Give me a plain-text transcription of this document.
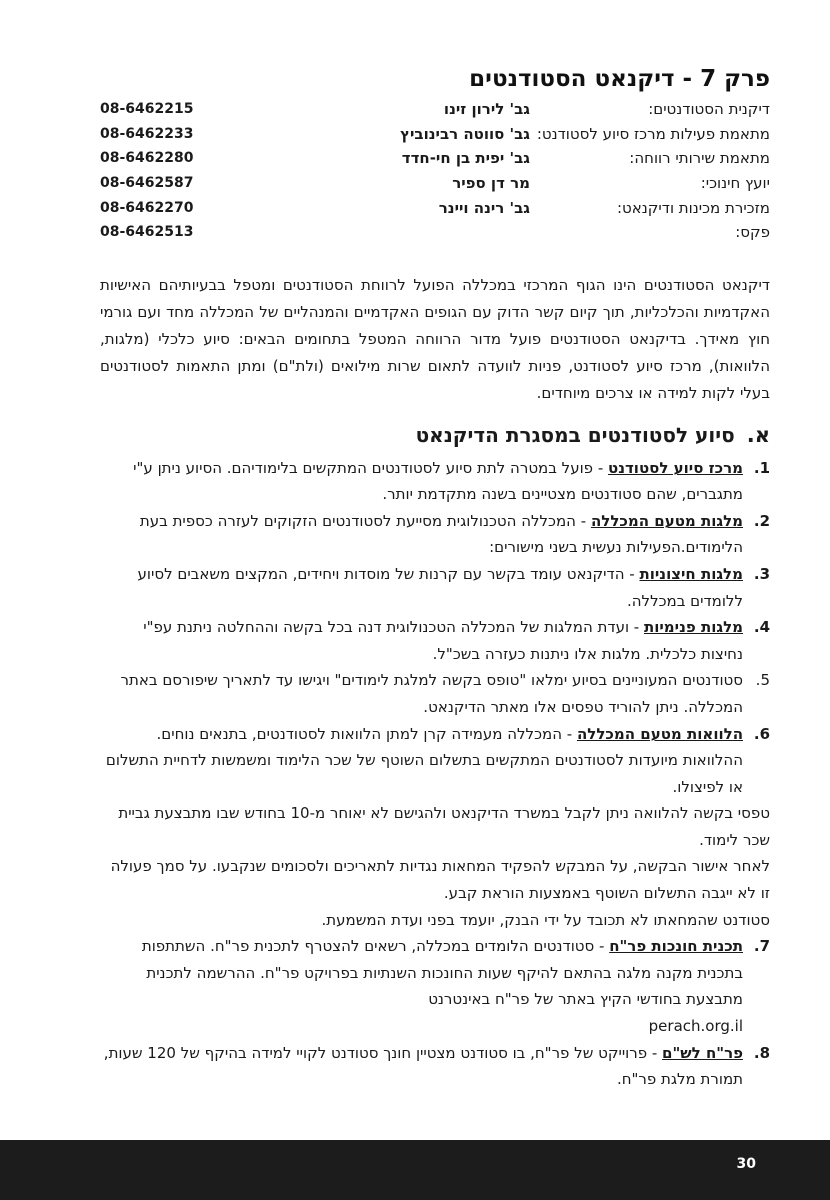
פרק 7 - דיקנאט הסטודנטים
דיקנית הסטודנטים:
גב' לירון זינו
08-6462215
מתאמת פעילות מרכז סיוע לסטודנט:
גב' סווטה רבינוביץ
08-6462233
מתאמת שירותי רווחה:
גב' יפית בן חי-חדד
08-6462280
יועץ חינוכי:
מר דן ספיר
08-6462587
מזכירת מכינות ודיקנאט:
גב' רינה ויינר
08-6462270
פקס:
08-6462513

דיקנאט הסטודנטים הינו הגוף המרכזי במכללה הפועל לרווחת הסטודנטים ומטפל בבעיותיהם האישיות האקדמיות והכלכליות, תוך קיום קשר הדוק עם הגופים האקדמיים והמנהליים של המכללה מחד ועם גורמי חוץ מאידך. בדיקנאט הסטודנטים פועל מדור הרווחה המטפל בתחומים הבאים: סיוע כלכלי (מלגות, הלוואות), מרכז סיוע לסטודנט, פניות לוועדה לתאום שרות מילואים (ולת"ם) ומתן התאמות לסטודנטים בעלי לקות למידה או צרכים מיוחדים.

א.
סיוע לסטודנטים במסגרת הדיקנאט
1.

מרכז סיוע לסטודנט - פועל במטרה לתת סיוע לסטודנטים המתקשים בלימודיהם. הסיוע ניתן ע"י מתגברים, שהם סטודנטים מצטיינים בשנה מתקדמת יותר.

2.

מלגות מטעם המכללה - המכללה הטכנולוגית מסייעת לסטודנטים הזקוקים לעזרה כספית בעת הלימודים.הפעילות נעשית בשני מישורים:

3.

מלגות חיצוניות - הדיקנאט עומד בקשר עם קרנות של מוסדות ויחידים, המקצים משאבים לסיוע ללומדים במכללה.

4.

מלגות פנימיות - ועדת המלגות של המכללה הטכנולוגית דנה בכל בקשה וההחלטה ניתנת עפ"י נחיצות כלכלית. מלגות אלו ניתנות כעזרה בשכ"ל.

5.

סטודנטים המעוניינים בסיוע ימלאו "טופס בקשה למלגת לימודים" ויגישו עד לתאריך שיפורסם באתר המכללה. ניתן להוריד טפסים אלו מאתר הדיקנאט.

6.

הלוואות מטעם המכללה - המכללה מעמידה קרן למתן הלוואות לסטודנטים, בתנאים נוחים. ההלוואות מיועדות לסטודנטים המתקשים בתשלום השוטף של שכר הלימוד ומשמשות לדחיית התשלום או לפיצולו.

טפסי בקשה להלוואה ניתן לקבל במשרד הדיקנאט ולהגישם לא יאוחר מ-10 בחודש שבו מתבצעת גביית שכר לימוד.

לאחר אישור הבקשה, על המבקש להפקיד המחאות נגדיות לתאריכים ולסכומים שנקבעו. על סמך פעולה זו לא ייגבה התשלום השוטף באמצעות הוראת קבע.

סטודנט שהמחאתו לא תכובד על ידי הבנק, יועמד בפני ועדת המשמעת.

7.

תכנית חונכות פר"ח - סטודנטים הלומדים במכללה, רשאים להצטרף לתכנית פר"ח. השתתפות בתכנית מקנה מלגה בהתאם להיקף שעות החונכות השנתיות בפרויקט פר"ח. ההרשמה לתכנית מתבצעת בחודשי הקיץ באתר של פר"ח באינטרנט

perach.org.il

8.

פר"ח לש"ם - פרוייקט של פר"ח, בו סטודנט מצטיין חונך סטודנט לקויי למידה בהיקף של 120 שעות, תמורת מלגת פר"ח.

30
